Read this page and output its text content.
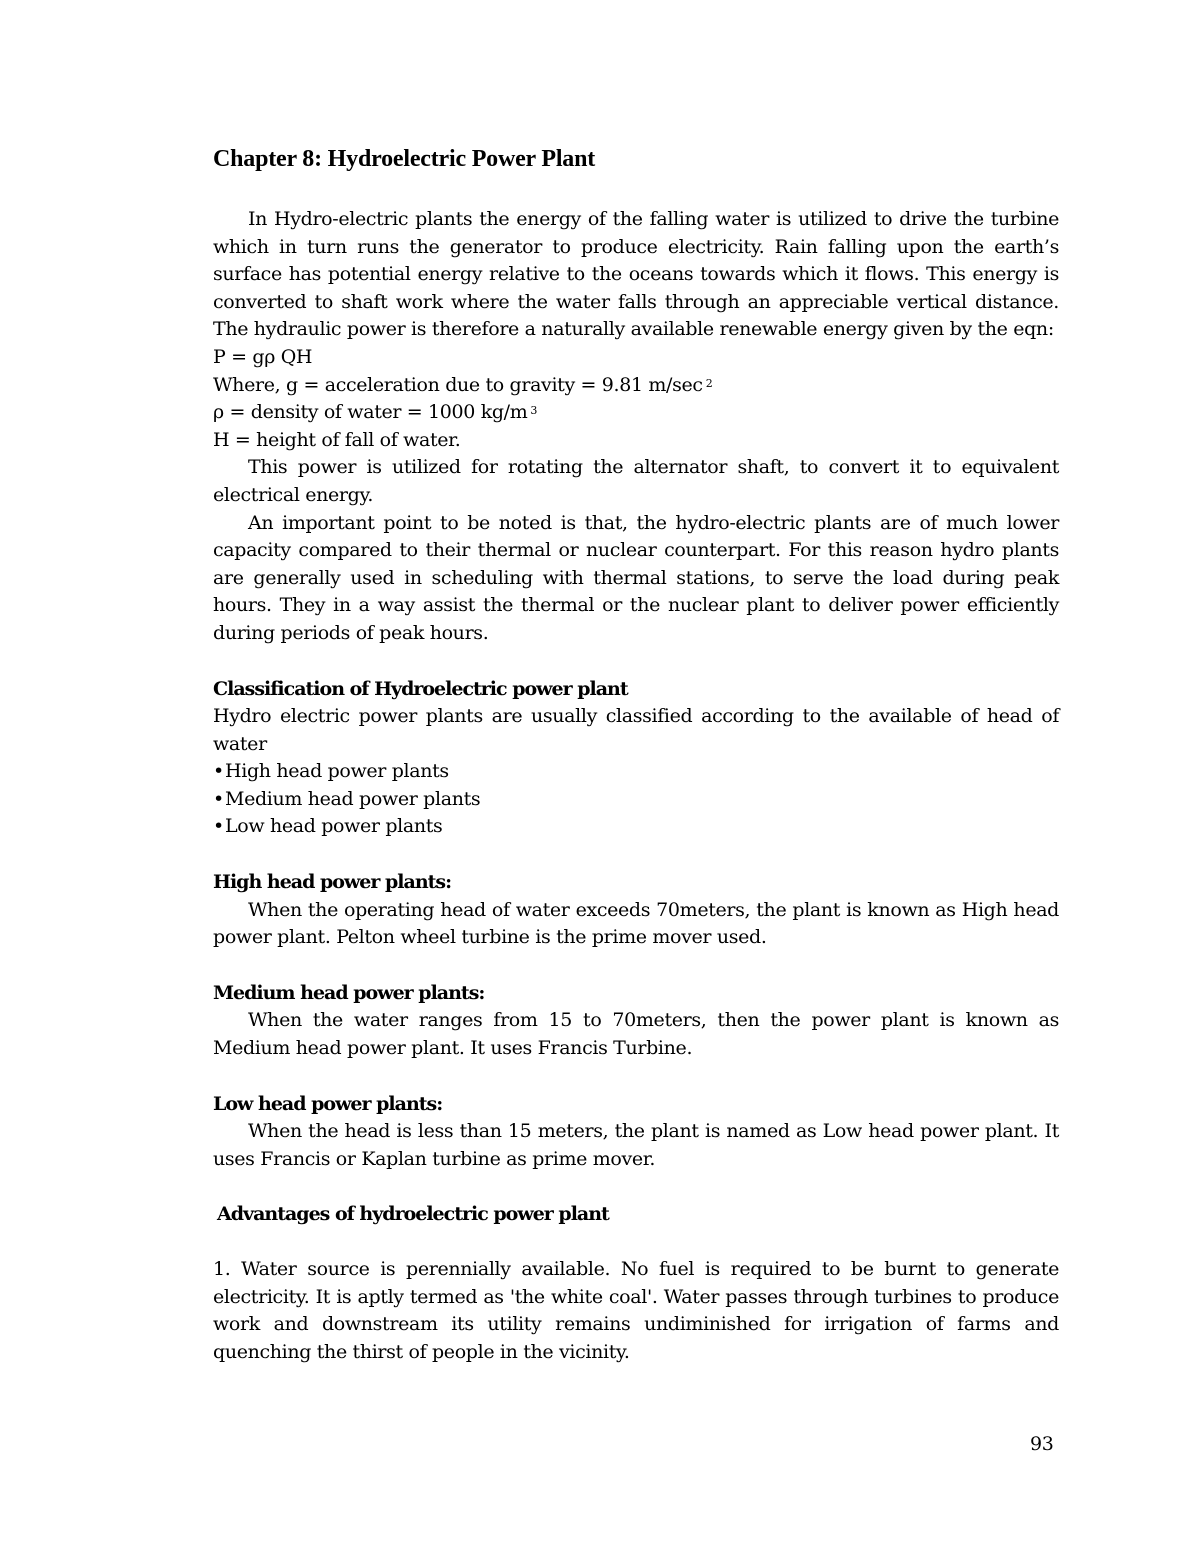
Chapter 8: Hydroelectric Power Plant

In Hydro-electric plants the energy of the falling water is utilized to drive the turbine which in turn runs the generator to produce electricity. Rain falling upon the earth’s surface has potential energy relative to the oceans towards which it flows. This energy is converted to shaft work where the water falls through an appreciable vertical distance. The hydraulic power is therefore a naturally available renewable energy given by the eqn:

P = gρ QH

Where, g = acceleration due to gravity = 9.81 m/sec $^2$

ρ = density of water = 1000 kg/m $^3$

H = height of fall of water.

This power is utilized for rotating the alternator shaft, to convert it to equivalent electrical energy.

An important point to be noted is that, the hydro-electric plants are of much lower capacity compared to their thermal or nuclear counterpart. For this reason hydro plants are generally used in scheduling with thermal stations, to serve the load during peak hours. They in a way assist the thermal or the nuclear plant to deliver power efficiently during periods of peak hours.

Classification of Hydroelectric power plant

Hydro electric power plants are usually classified according to the available of head of water

•High head power plants
•Medium head power plants
•Low head power plants

High head power plants:

When the operating head of water exceeds 70meters, the plant is known as High head power plant. Pelton wheel turbine is the prime mover used.

Medium head power plants:

When the water ranges from 15 to 70meters, then the power plant is known as Medium head power plant. It uses Francis Turbine.

Low head power plants:

When the head is less than 15 meters, the plant is named as Low head power plant. It uses Francis or Kaplan turbine as prime mover.

Advantages of hydroelectric power plant

1. Water source is perennially available. No fuel is required to be burnt to generate electricity. It is aptly termed as 'the white coal'. Water passes through turbines to produce work and downstream its utility remains undiminished for irrigation of farms and quenching the thirst of people in the vicinity.

93
